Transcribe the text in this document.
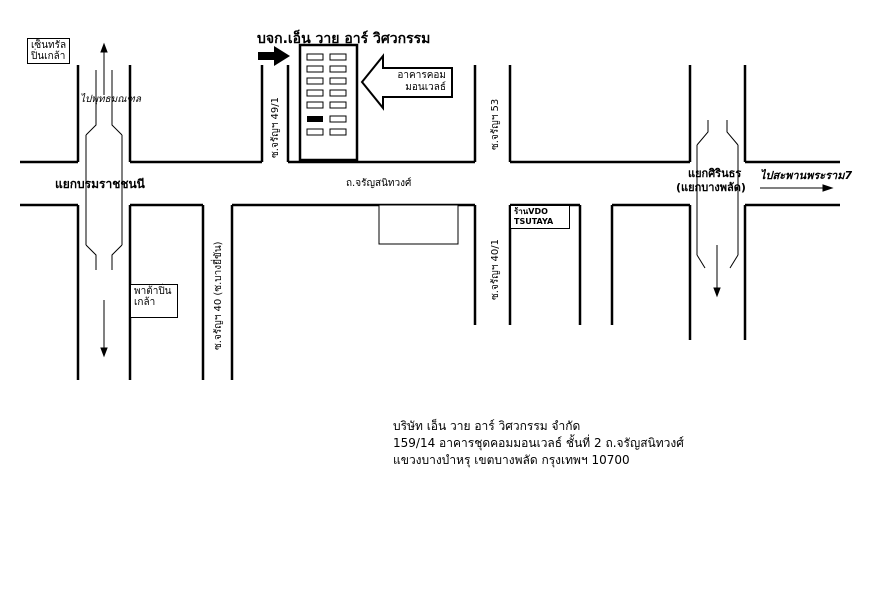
บจก.เอ็น วาย อาร์ วิศวกรรม
อาคารคอม
มอนเวลธ์
เซ็นทรัล
ปิ่นเกล้า
พาต้าปิ่น
เกล้า
ร้านVDO
TSUTAYA
ไปพุทธมณฑล
ไปสะพานพระราม7
ถ.จรัญสนิทวงศ์
แยกบรมราชชนนี
แยกศิรินธร
(แยกบางพลัด)
ซ.จรัญฯ 49/1	ซ.จรัญฯ 53
ซ.จรัญฯ 40 (ซ.บางยี่ขัน)	ซ.จรัญฯ 40/1
บริษัท เอ็น วาย อาร์ วิศวกรรม จำกัด
159/14 อาคารชุดคอมมอนเวลธ์ ชั้นที่ 2 ถ.จรัญสนิทวงศ์
แขวงบางบำหรุ เขตบางพลัด กรุงเทพฯ 10700
